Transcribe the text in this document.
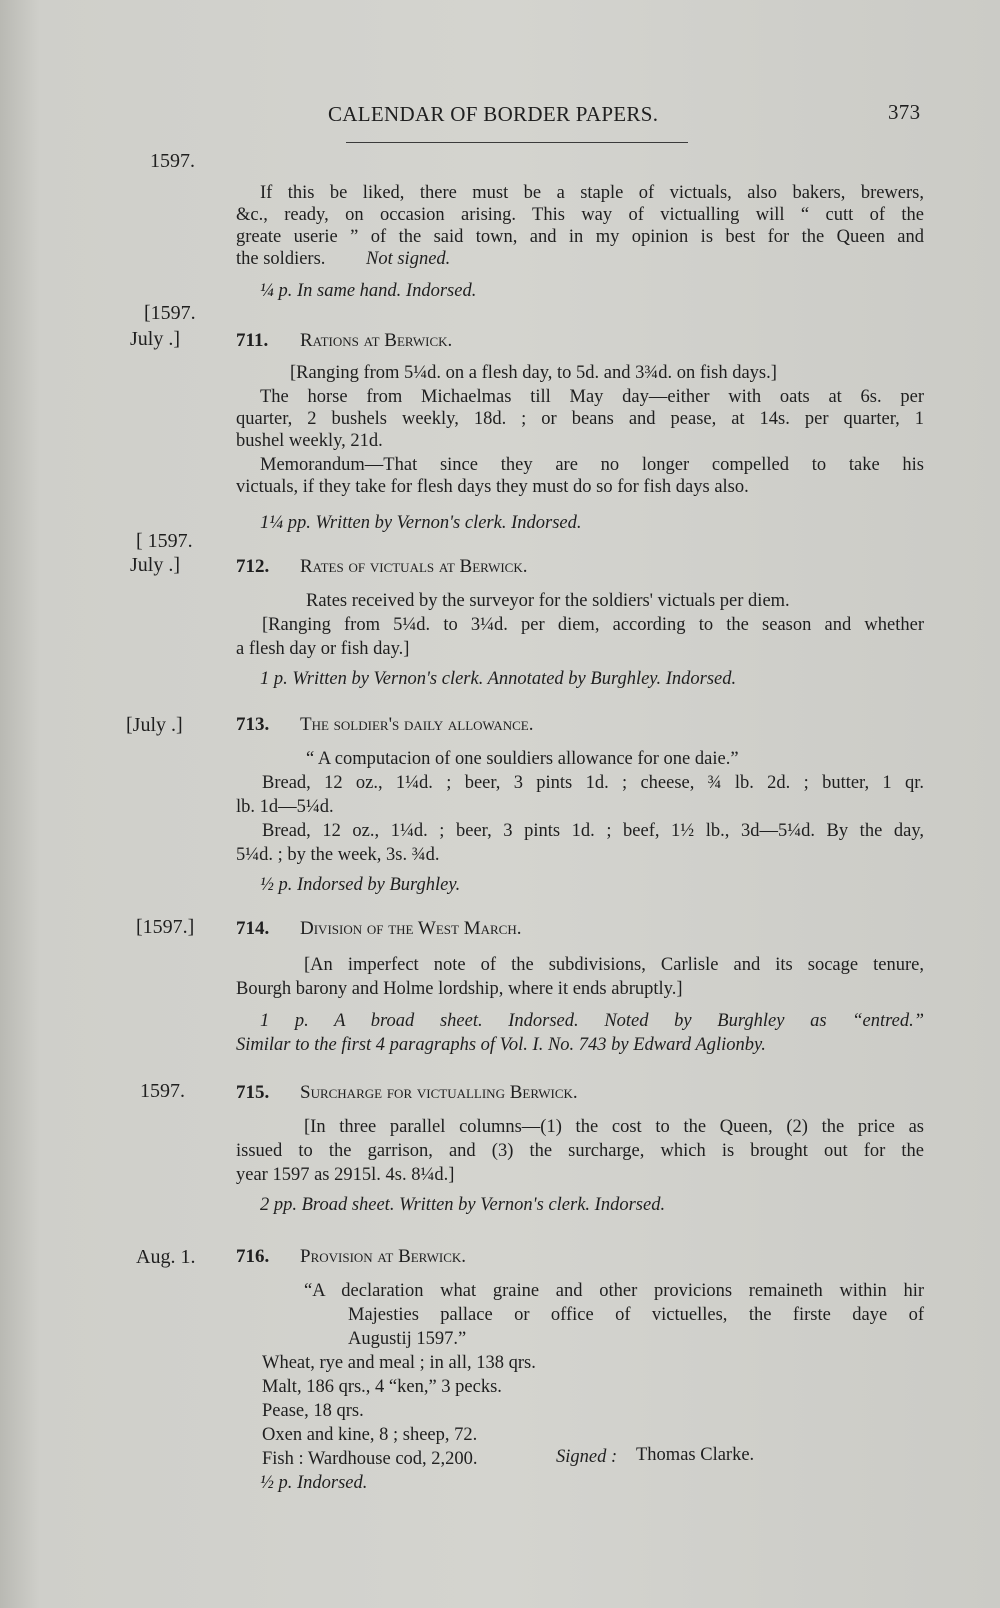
CALENDAR OF BORDER PAPERS.	373
1597.
If this be liked, there must be a staple of victuals, also bakers, brewers,
&c., ready, on occasion arising. This way of victualling will “ cutt of the
greate userie ” of the said town, and in my opinion is best for the Queen and
the soldiers. Not signed.
¼ p. In same hand. Indorsed.
[1597.
July .]	711. Rations at Berwick.
[Ranging from 5¼d. on a flesh day, to 5d. and 3¾d. on fish days.]
The horse from Michaelmas till May day—either with oats at 6s. per
quarter, 2 bushels weekly, 18d. ; or beans and pease, at 14s. per quarter, 1
bushel weekly, 21d.
Memorandum—That since they are no longer compelled to take his
victuals, if they take for flesh days they must do so for fish days also.
1¼ pp. Written by Vernon's clerk. Indorsed.
[ 1597.
July .]	712. Rates of victuals at Berwick.
Rates received by the surveyor for the soldiers' victuals per diem.
[Ranging from 5¼d. to 3¼d. per diem, according to the season and whether
a flesh day or fish day.]
1 p. Written by Vernon's clerk. Annotated by Burghley. Indorsed.
[July .]	713. The soldier's daily allowance.
“ A computacion of one souldiers allowance for one daie.”
Bread, 12 oz., 1¼d. ; beer, 3 pints 1d. ; cheese, ¾ lb. 2d. ; butter, 1 qr.
lb. 1d—5¼d.
Bread, 12 oz., 1¼d. ; beer, 3 pints 1d. ; beef, 1½ lb., 3d—5¼d. By the day,
5¼d. ; by the week, 3s. ¾d.
½ p. Indorsed by Burghley.
[1597.] 714. Division of the West March.
[An imperfect note of the subdivisions, Carlisle and its socage tenure,
Bourgh barony and Holme lordship, where it ends abruptly.]
1 p. A broad sheet. Indorsed. Noted by Burghley as “entred.”
Similar to the first 4 paragraphs of Vol. I. No. 743 by Edward Aglionby.
1597.	715. Surcharge for victualling Berwick.
[In three parallel columns—(1) the cost to the Queen, (2) the price as
issued to the garrison, and (3) the surcharge, which is brought out for the
year 1597 as 2915l. 4s. 8¼d.]
2 pp. Broad sheet. Written by Vernon's clerk. Indorsed.
Aug. 1. 716. Provision at Berwick.
“A declaration what graine and other provicions remaineth within hir
Majesties pallace or office of victuelles, the firste daye of
Augustij 1597.”
Wheat, rye and meal ; in all, 138 qrs.
Malt, 186 qrs., 4 “ken,” 3 pecks.
Pease, 18 qrs.
Oxen and kine, 8 ; sheep, 72.
Fish : Wardhouse cod, 2,200.	Signed : Thomas Clarke.
½ p. Indorsed.
